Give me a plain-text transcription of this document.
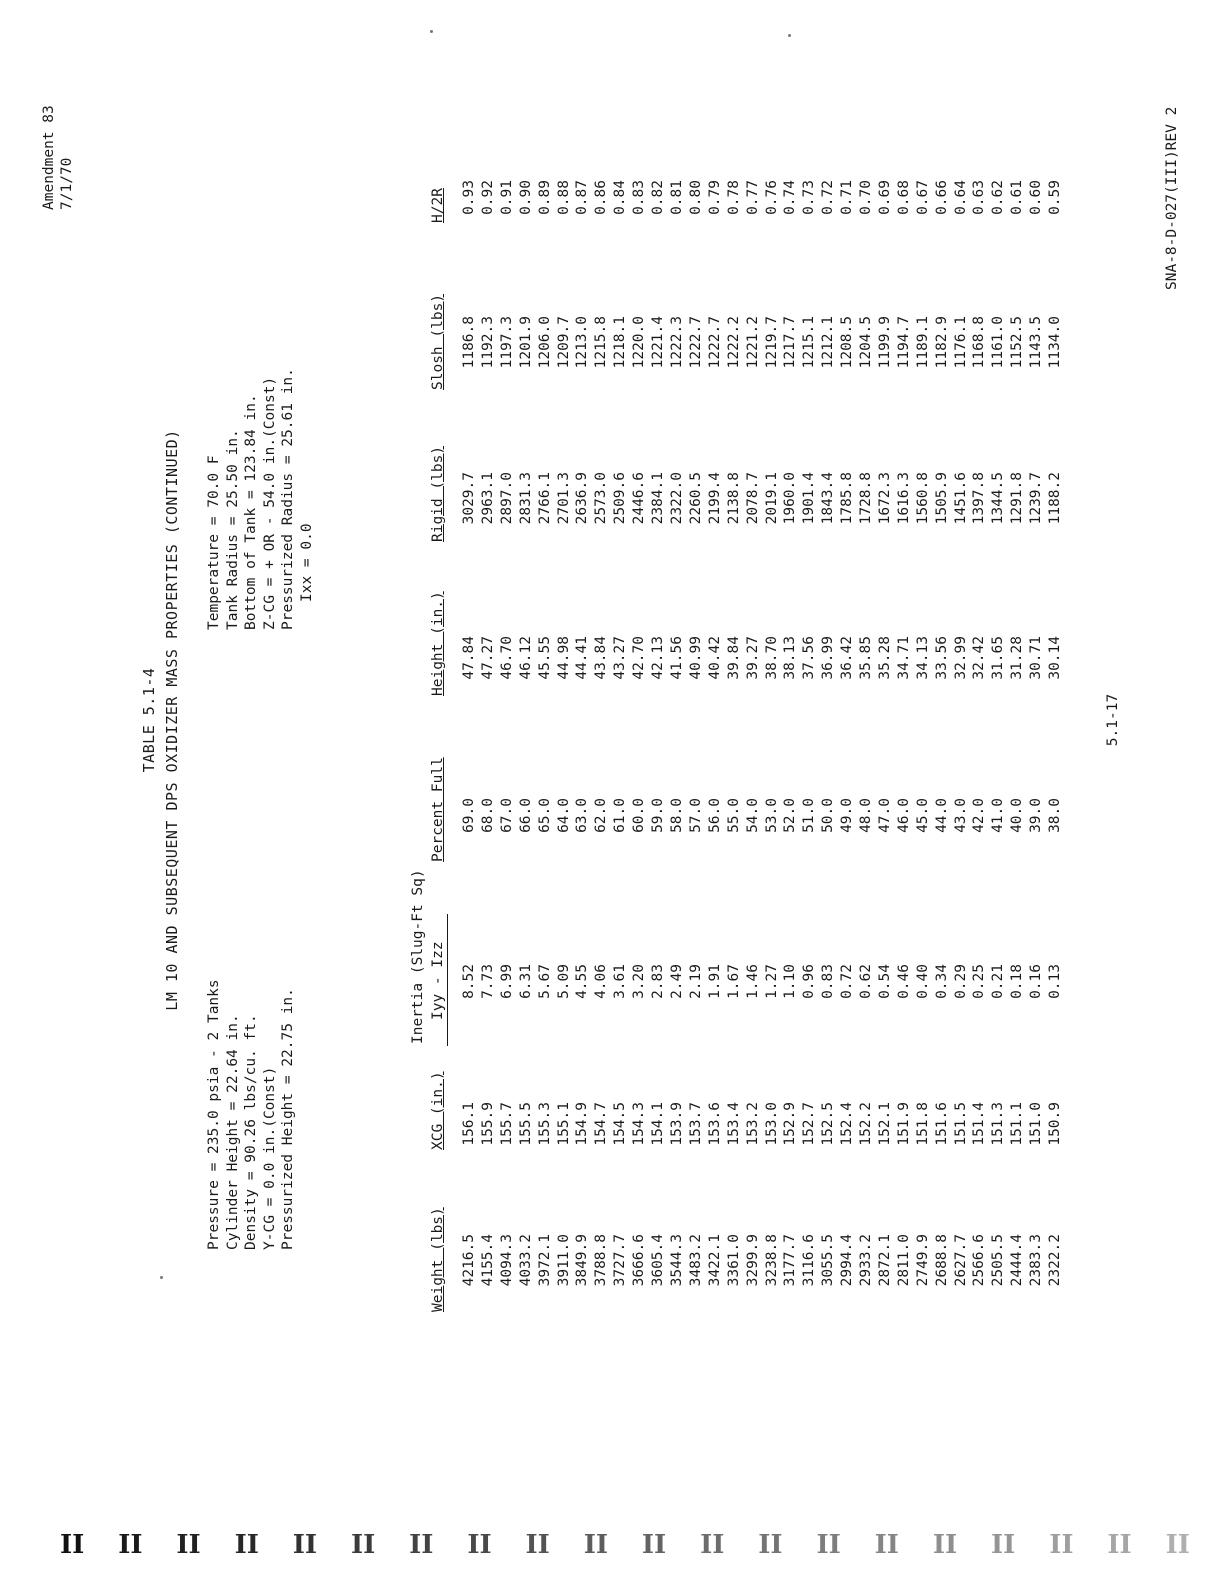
Amendment 83 7/1/70
TABLE 5.1-4 LM 10 AND SUBSEQUENT DPS OXIDIZER MASS PROPERTIES (CONTINUED)
Pressure = 235.0 psia - 2 Tanks Cylinder Height = 22.64 in. Density = 90.26 lbs/cu. ft. Y-CG = 0.0 in.(Const) Pressurized Height = 22.75 in.
Temperature = 70.0 F Tank Radius = 25.50 in. Bottom of Tank = 123.84 in. Z-CG = + OR - 54.0 in.(Const) Pressurized Radius = 25.61 in. Ixx = 0.0
Inertia (Slug-Ft Sq)
Weight (lbs)
XCG (in.)
Iyy - Izz
Percent Full
Height (in.)
Rigid (lbs)
Slosh (lbs)
H/2R
4216.5 4155.4 4094.3 4033.2 3972.1 3911.0 3849.9 3788.8 3727.7 3666.6 3605.4 3544.3 3483.2 3422.1 3361.0 3299.9 3238.8 3177.7 3116.6 3055.5 2994.4 2933.2 2872.1 2811.0 2749.9 2688.8 2627.7 2566.6 2505.5 2444.4 2383.3 2322.2
156.1 155.9 155.7 155.5 155.3 155.1 154.9 154.7 154.5 154.3 154.1 153.9 153.7 153.6 153.4 153.2 153.0 152.9 152.7 152.5 152.4 152.2 152.1 151.9 151.8 151.6 151.5 151.4 151.3 151.1 151.0 150.9
8.52 7.73 6.99 6.31 5.67 5.09 4.55 4.06 3.61 3.20 2.83 2.49 2.19 1.91 1.67 1.46 1.27 1.10 0.96 0.83 0.72 0.62 0.54 0.46 0.40 0.34 0.29 0.25 0.21 0.18 0.16 0.13
69.0 68.0 67.0 66.0 65.0 64.0 63.0 62.0 61.0 60.0 59.0 58.0 57.0 56.0 55.0 54.0 53.0 52.0 51.0 50.0 49.0 48.0 47.0 46.0 45.0 44.0 43.0 42.0 41.0 40.0 39.0 38.0
47.84 47.27 46.70 46.12 45.55 44.98 44.41 43.84 43.27 42.70 42.13 41.56 40.99 40.42 39.84 39.27 38.70 38.13 37.56 36.99 36.42 35.85 35.28 34.71 34.13 33.56 32.99 32.42 31.65 31.28 30.71 30.14
3029.7 2963.1 2897.0 2831.3 2766.1 2701.3 2636.9 2573.0 2509.6 2446.6 2384.1 2322.0 2260.5 2199.4 2138.8 2078.7 2019.1 1960.0 1901.4 1843.4 1785.8 1728.8 1672.3 1616.3 1560.8 1505.9 1451.6 1397.8 1344.5 1291.8 1239.7 1188.2
1186.8 1192.3 1197.3 1201.9 1206.0 1209.7 1213.0 1215.8 1218.1 1220.0 1221.4 1222.3 1222.7 1222.7 1222.2 1221.2 1219.7 1217.7 1215.1 1212.1 1208.5 1204.5 1199.9 1194.7 1189.1 1182.9 1176.1 1168.8 1161.0 1152.5 1143.5 1134.0
0.93 0.92 0.91 0.90 0.89 0.88 0.87 0.86 0.84 0.83 0.82 0.81 0.80 0.79 0.78 0.77 0.76 0.74 0.73 0.72 0.71 0.70 0.69 0.68 0.67 0.66 0.64 0.63 0.62 0.61 0.60 0.59
5.1-17
SNA-8-D-027(III)REV 2
II II II II II II II II II II II II II II II II II II II II
